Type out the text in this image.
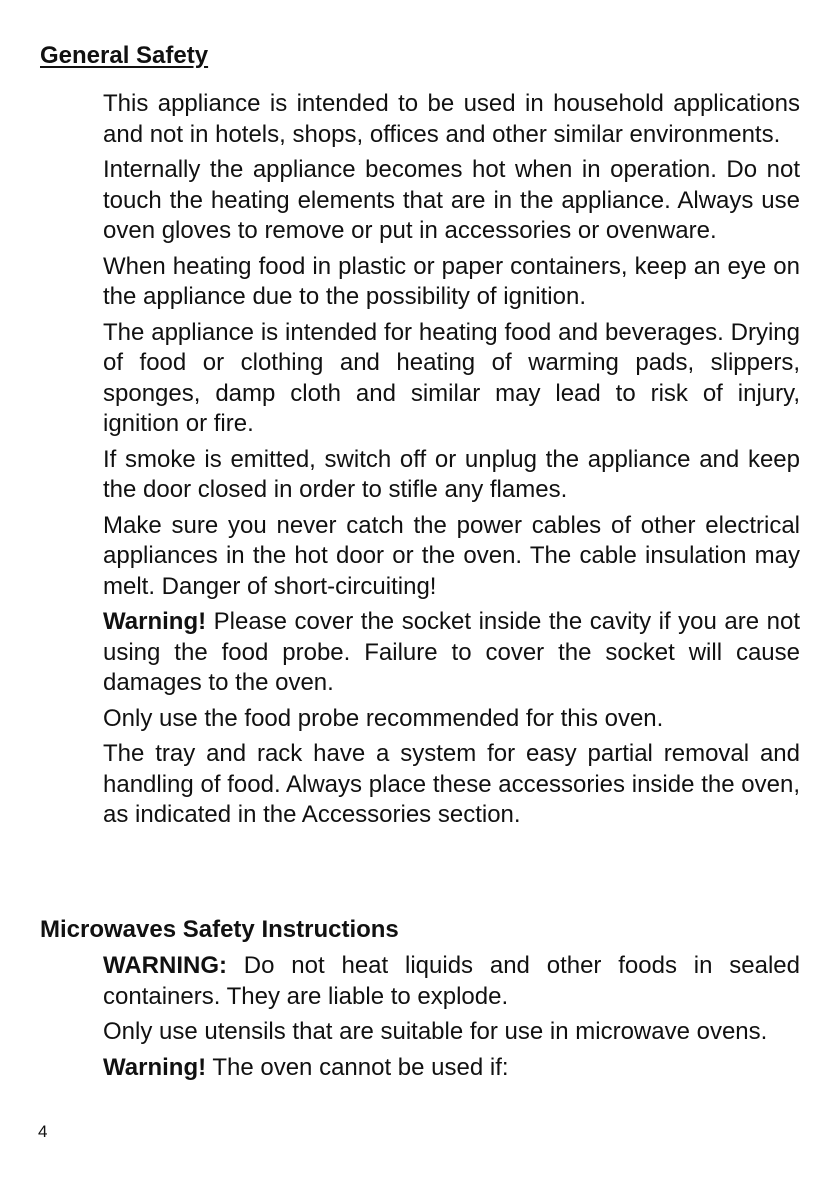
General Safety

This appliance is intended to be used in household applications and not in hotels, shops, offices and other similar environments.

Internally the appliance becomes hot when in operation. Do not touch the heating elements that are in the appliance. Always use oven gloves to remove or put in accessories or ovenware.

When heating food in plastic or paper containers, keep an eye on the appliance due to the possibility of ignition.

The appliance is intended for heating food and beverages. Drying of food or clothing and heating of warming pads, slippers, sponges, damp cloth and similar may lead to risk of injury, ignition or fire.

If smoke is emitted, switch off or unplug the appliance and keep the door closed in order to stifle any flames.

Make sure you never catch the power cables of other electrical appliances in the hot door or the oven. The cable insulation may melt. Danger of short-circuiting!

Warning! Please cover the socket inside the cavity if you are not using the food probe. Failure to cover the socket will cause damages to the oven.

Only use the food probe recommended for this oven.

The tray and rack have a system for easy partial removal and handling of food. Always place these accessories inside the oven, as indicated in the Accessories section.

Microwaves Safety Instructions

WARNING: Do not heat liquids and other foods in sealed containers. They are liable to explode.

Only use utensils that are suitable for use in microwave ovens.

Warning! The oven cannot be used if:

4
